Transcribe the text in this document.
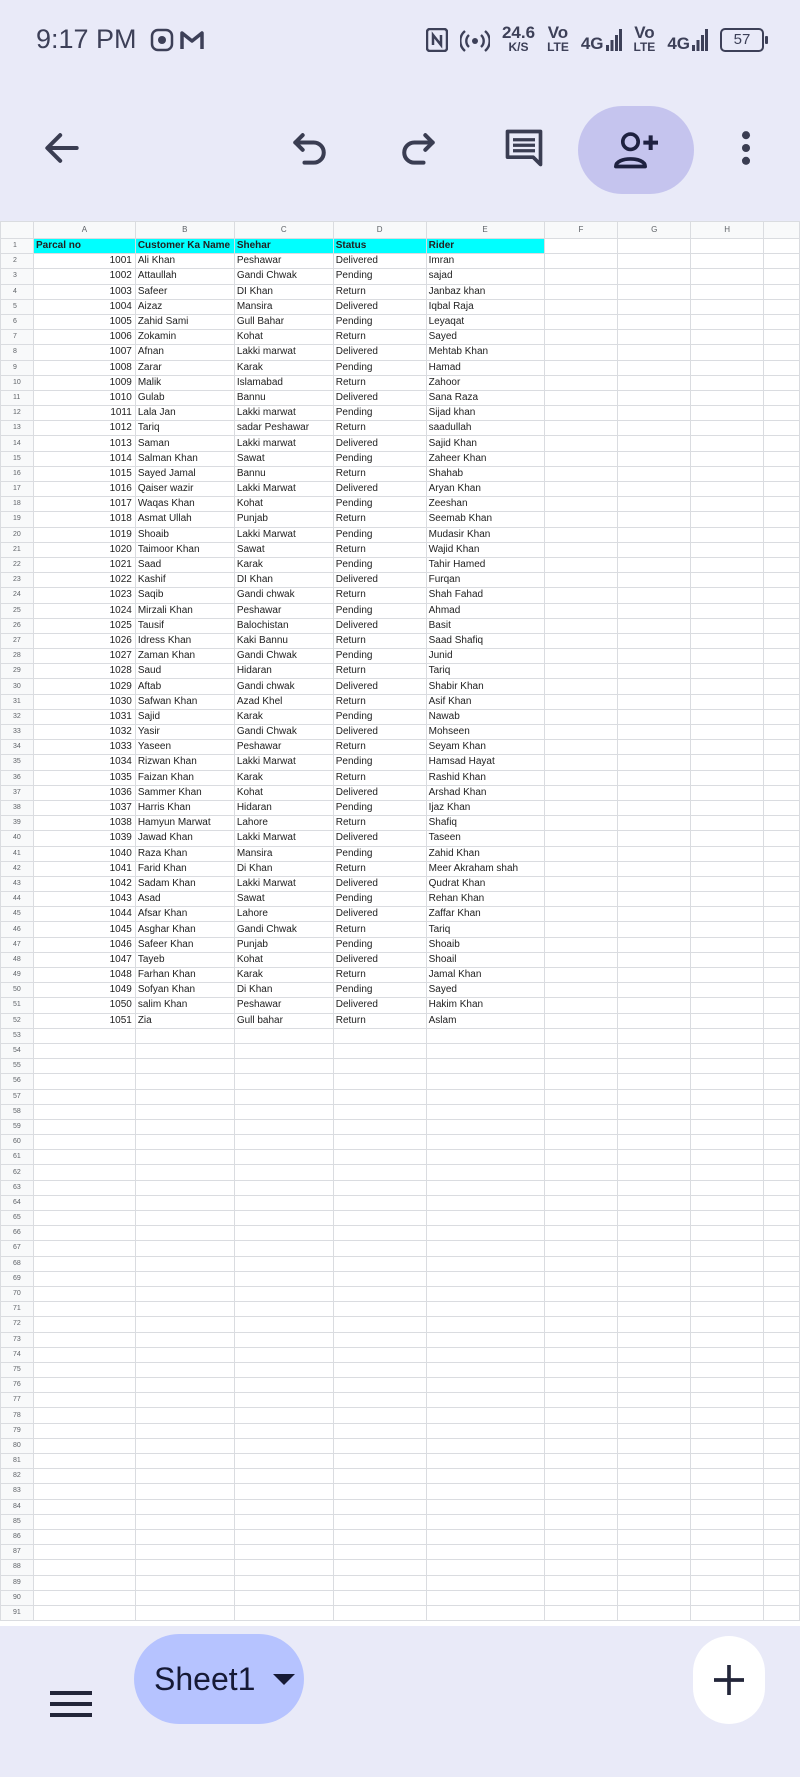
9:17 PM	24.6
K/S
Vo
LTE 4G
Vo
LTE 4G	57
	A	B	C	D	E	F	G	H	
1	Parcal no	Customer Ka Name	Shehar	Status	Rider				
2	1001	Ali Khan	Peshawar	Delivered	Imran				
3	1002	Attaullah	Gandi Chwak	Pending	sajad				
4	1003	Safeer	DI Khan	Return	Janbaz khan				
5	1004	Aizaz	Mansira	Delivered	Iqbal Raja				
6	1005	Zahid Sami	Gull Bahar	Pending	Leyaqat				
7	1006	Zokamin	Kohat	Return	Sayed				
8	1007	Afnan	Lakki marwat	Delivered	Mehtab Khan				
9	1008	Zarar	Karak	Pending	Hamad				
10	1009	Malik	Islamabad	Return	Zahoor				
11	1010	Gulab	Bannu	Delivered	Sana Raza				
12	1011	Lala Jan	Lakki marwat	Pending	Sijad khan				
13	1012	Tariq	sadar Peshawar	Return	saadullah				
14	1013	Saman	Lakki marwat	Delivered	Sajid Khan				
15	1014	Salman Khan	Sawat	Pending	Zaheer Khan				
16	1015	Sayed Jamal	Bannu	Return	Shahab				
17	1016	Qaiser wazir	Lakki Marwat	Delivered	Aryan Khan				
18	1017	Waqas Khan	Kohat	Pending	Zeeshan				
19	1018	Asmat Ullah	Punjab	Return	Seemab Khan				
20	1019	Shoaib	Lakki Marwat	Pending	Mudasir Khan				
21	1020	Taimoor Khan	Sawat	Return	Wajid Khan				
22	1021	Saad	Karak	Pending	Tahir Hamed				
23	1022	Kashif	DI Khan	Delivered	Furqan				
24	1023	Saqib	Gandi chwak	Return	Shah Fahad				
25	1024	Mirzali Khan	Peshawar	Pending	Ahmad				
26	1025	Tausif	Balochistan	Delivered	Basit				
27	1026	Idress Khan	Kaki Bannu	Return	Saad Shafiq				
28	1027	Zaman Khan	Gandi Chwak	Pending	Junid				
29	1028	Saud	Hidaran	Return	Tariq				
30	1029	Aftab	Gandi chwak	Delivered	Shabir Khan				
31	1030	Safwan Khan	Azad Khel	Return	Asif Khan				
32	1031	Sajid	Karak	Pending	Nawab				
33	1032	Yasir	Gandi Chwak	Delivered	Mohseen				
34	1033	Yaseen	Peshawar	Return	Seyam Khan				
35	1034	Rizwan Khan	Lakki Marwat	Pending	Hamsad Hayat				
36	1035	Faizan Khan	Karak	Return	Rashid Khan				
37	1036	Sammer Khan	Kohat	Delivered	Arshad Khan				
38	1037	Harris Khan	Hidaran	Pending	Ijaz Khan				
39	1038	Hamyun Marwat	Lahore	Return	Shafiq				
40	1039	Jawad Khan	Lakki Marwat	Delivered	Taseen				
41	1040	Raza Khan	Mansira	Pending	Zahid Khan				
42	1041	Farid Khan	Di Khan	Return	Meer Akraham shah				
43	1042	Sadam Khan	Lakki Marwat	Delivered	Qudrat Khan				
44	1043	Asad	Sawat	Pending	Rehan Khan				
45	1044	Afsar Khan	Lahore	Delivered	Zaffar Khan				
46	1045	Asghar Khan	Gandi Chwak	Return	Tariq				
47	1046	Safeer Khan	Punjab	Pending	Shoaib				
48	1047	Tayeb	Kohat	Delivered	Shoail				
49	1048	Farhan Khan	Karak	Return	Jamal Khan				
50	1049	Sofyan Khan	Di Khan	Pending	Sayed				
51	1050	salim Khan	Peshawar	Delivered	Hakim Khan				
52	1051	Zia	Gull bahar	Return	Aslam				
53									
54									
55									
56									
57									
58									
59									
60									
61									
62									
63									
64									
65									
66									
67									
68									
69									
70									
71									
72									
73									
74									
75									
76									
77									
78									
79									
80									
81									
82									
83									
84									
85									
86									
87									
88									
89									
90									
91									
Sheet1
